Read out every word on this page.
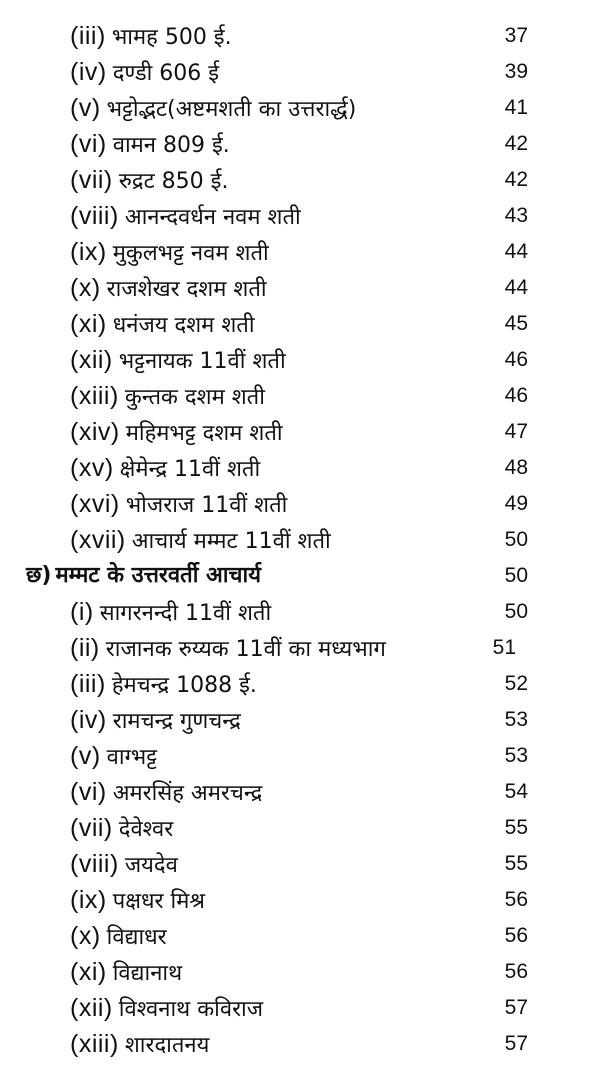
(iii) भामह 500 ई.	37
(iv) दण्डी 606 ई	39
(v) भट्टोद्भट(अष्टमशती का उत्तरार्द्ध)	41
(vi) वामन 809 ई.	42
(vii) रुद्रट 850 ई.	42
(viii) आनन्दवर्धन नवम शती	43
(ix) मुकुलभट्ट नवम शती	44
(x) राजशेखर दशम शती	44
(xi) धनंजय दशम शती	45
(xii) भट्टनायक 11वीं शती	46
(xiii) कुन्तक दशम शती	46
(xiv) महिमभट्ट दशम शती	47
(xv) क्षेमेन्द्र 11वीं शती	48
(xvi) भोजराज 11वीं शती	49
(xvii) आचार्य मम्मट 11वीं शती	50
छ) मम्मट के उत्तरवर्ती आचार्य	50
(i) सागरनन्दी 11वीं शती	50
(ii) राजानक रुय्यक 11वीं का मध्यभाग	51
(iii) हेमचन्द्र 1088 ई.	52
(iv) रामचन्द्र गुणचन्द्र	53
(v) वाग्भट्ट	53
(vi) अमरसिंह अमरचन्द्र	54
(vii) देवेश्वर	55
(viii) जयदेव	55
(ix) पक्षधर मिश्र	56
(x) विद्याधर	56
(xi) विद्यानाथ	56
(xii) विश्वनाथ कविराज	57
(xiii) शारदातनय	57
